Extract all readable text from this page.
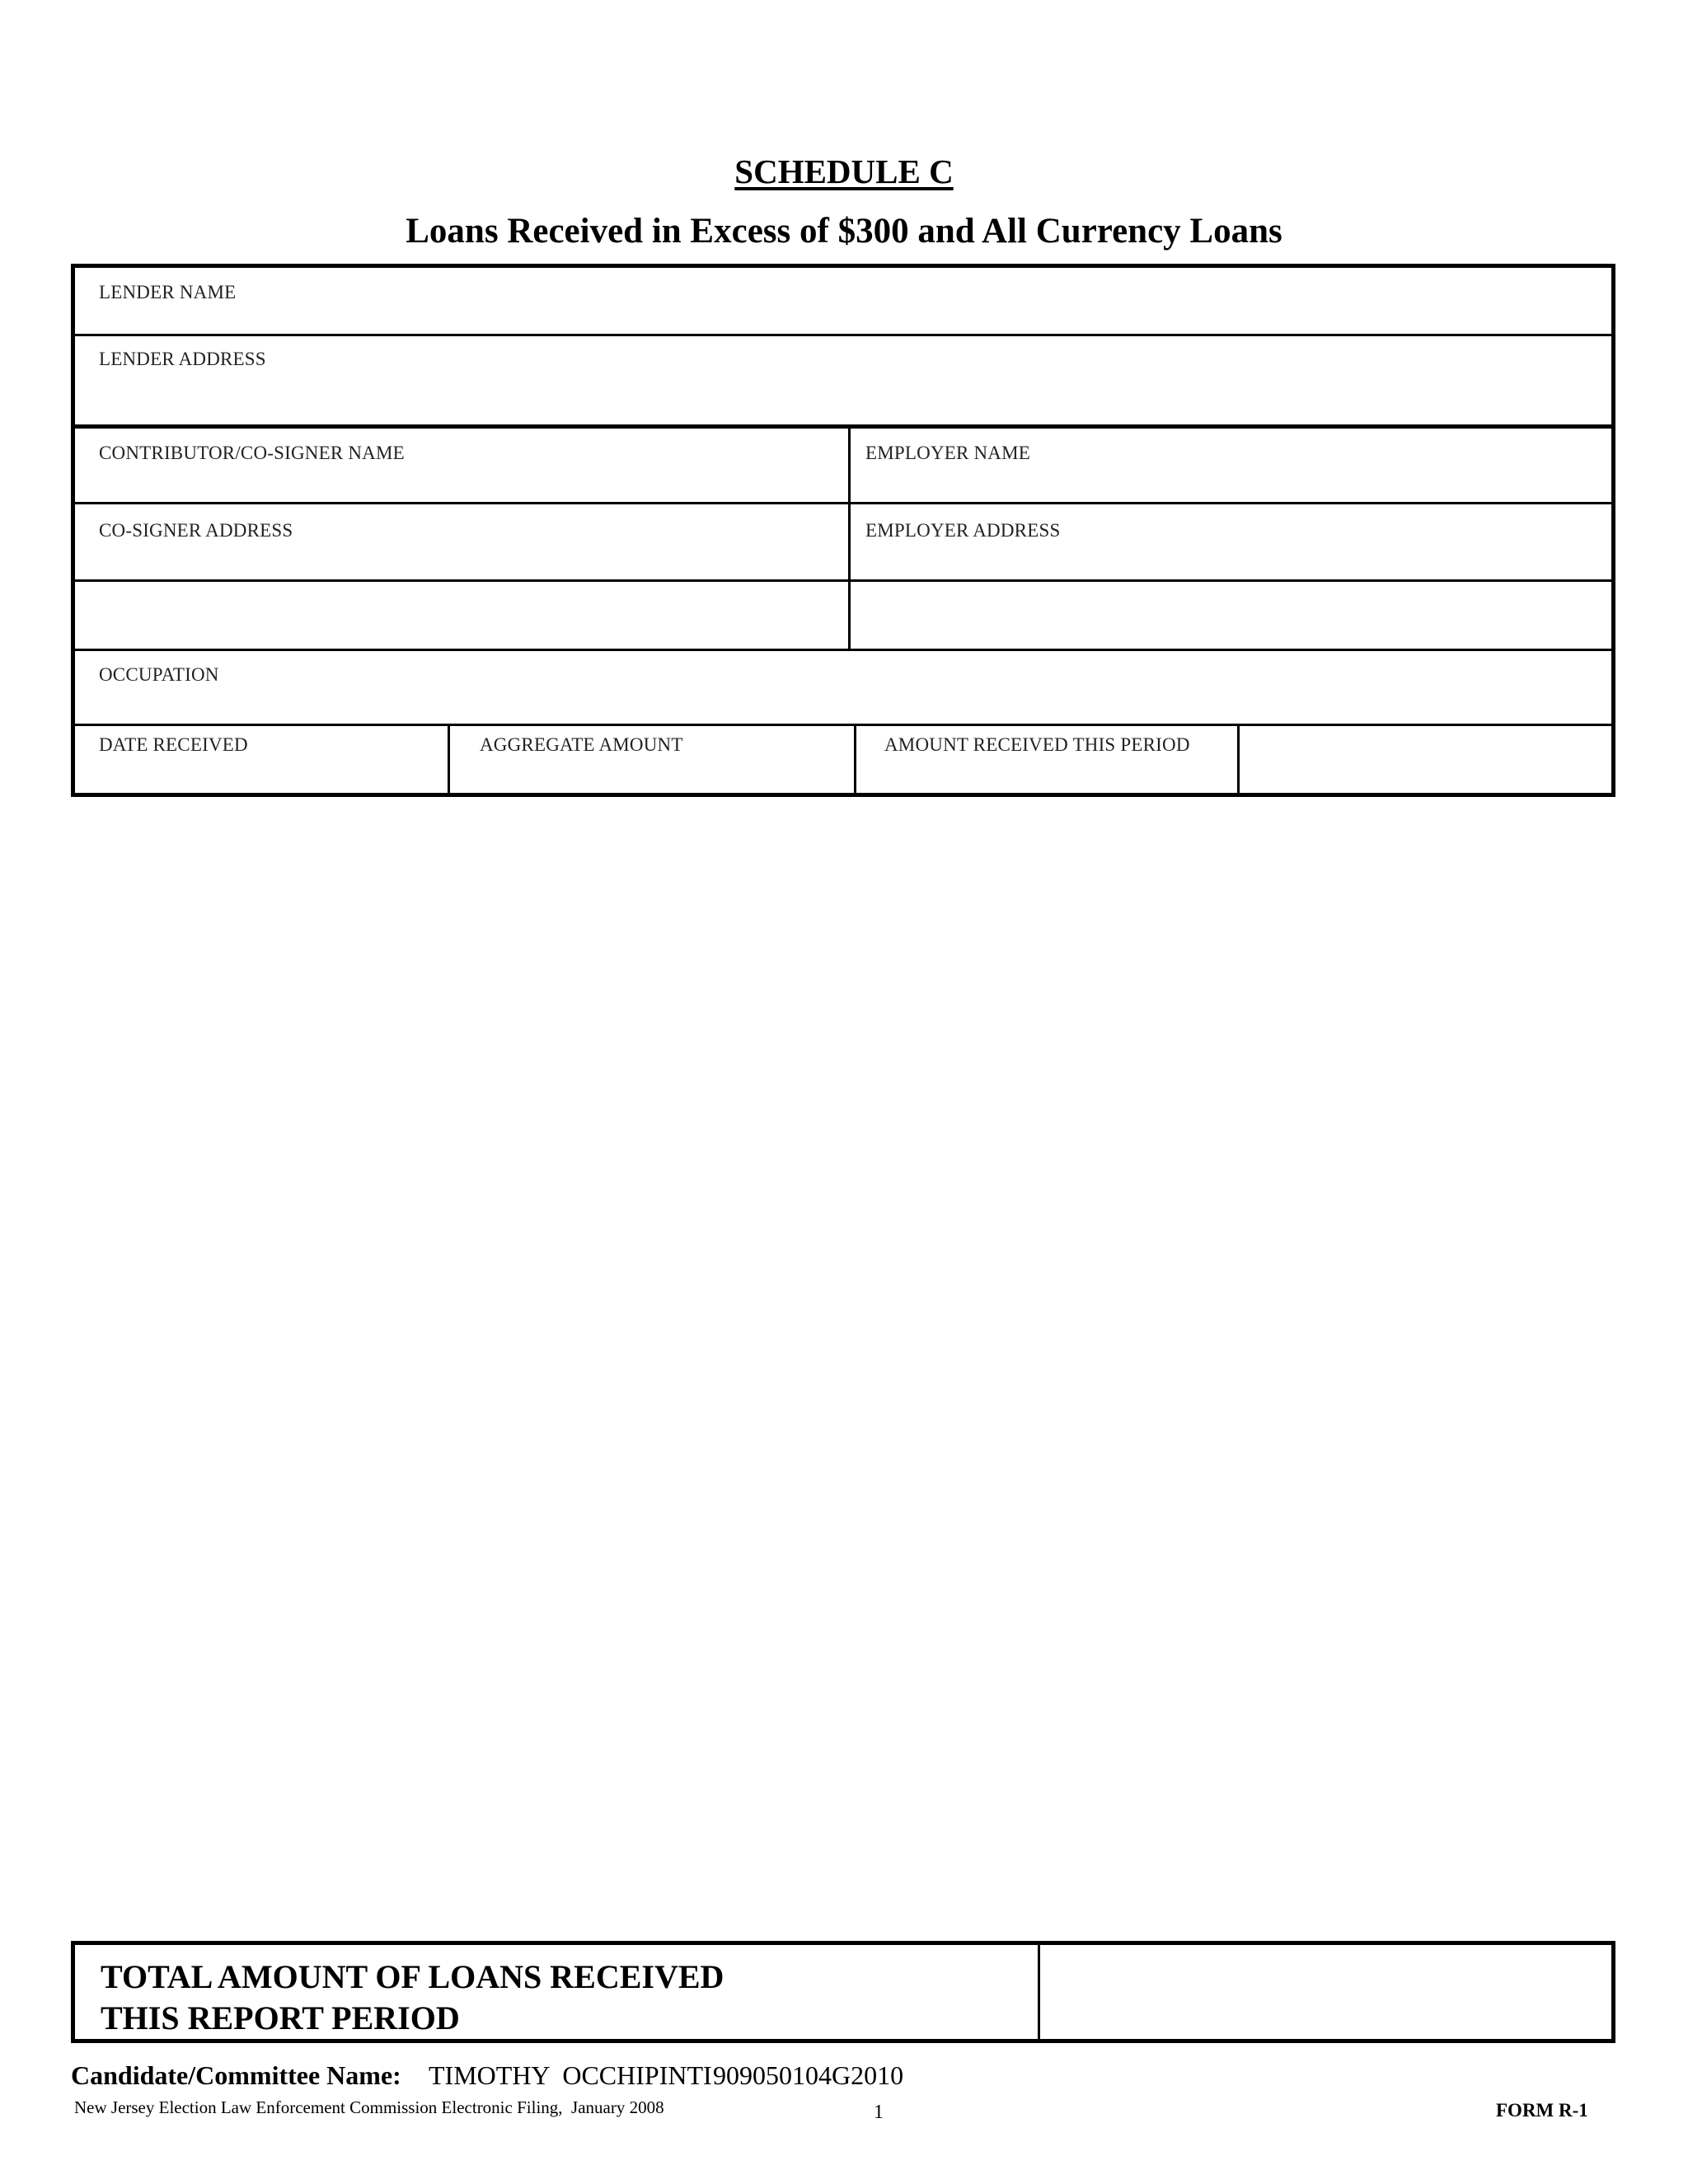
SCHEDULE C
Loans Received in Excess of $300 and All Currency Loans
LENDER NAME
LENDER ADDRESS
CONTRIBUTOR/CO-SIGNER NAME	EMPLOYER NAME
CO-SIGNER ADDRESS	EMPLOYER ADDRESS
OCCUPATION
DATE RECEIVED	AGGREGATE AMOUNT	AMOUNT RECEIVED THIS PERIOD
TOTAL AMOUNT OF LOANS RECEIVED
THIS REPORT PERIOD
Candidate/Committee Name: TIMOTHY  OCCHIPINTI 909050104G2010
New Jersey Election Law Enforcement Commission Electronic Filing,  January 2008	1	FORM R-1
